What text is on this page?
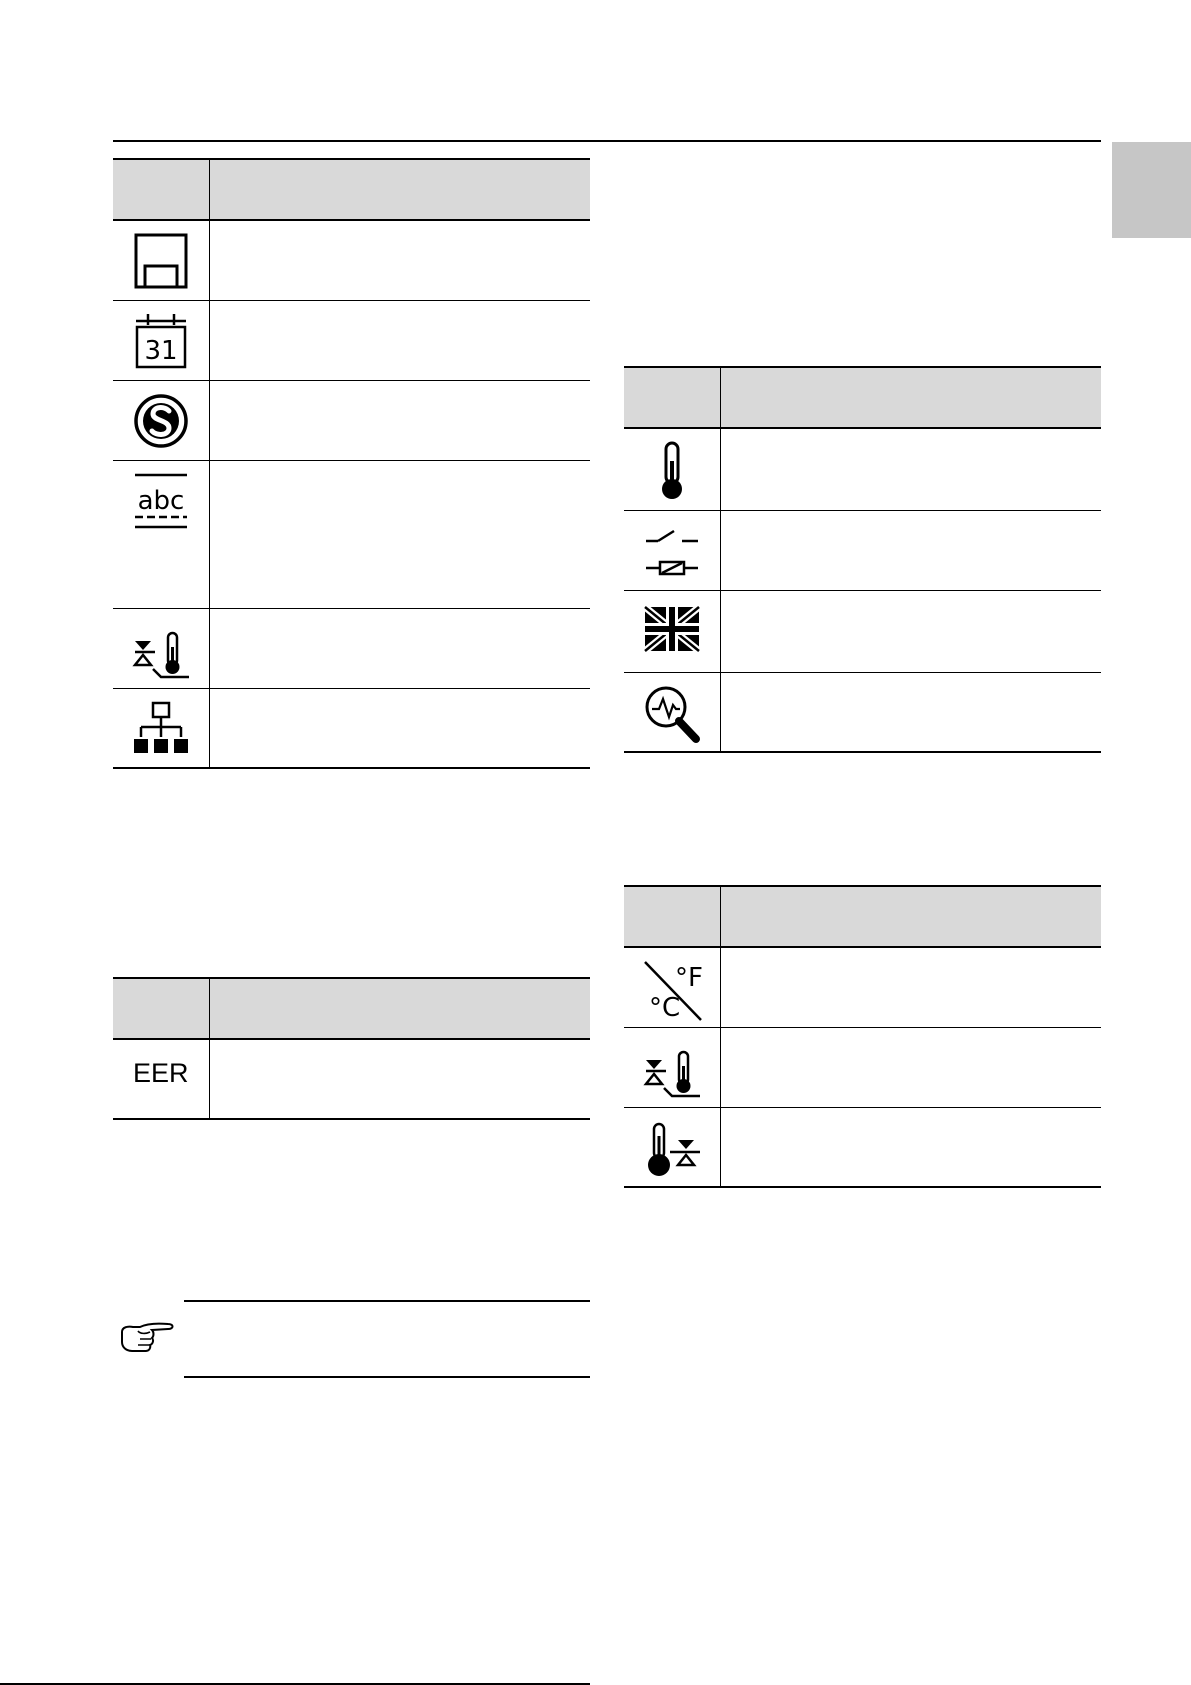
31	

abc	

EER	

°C
°F	
